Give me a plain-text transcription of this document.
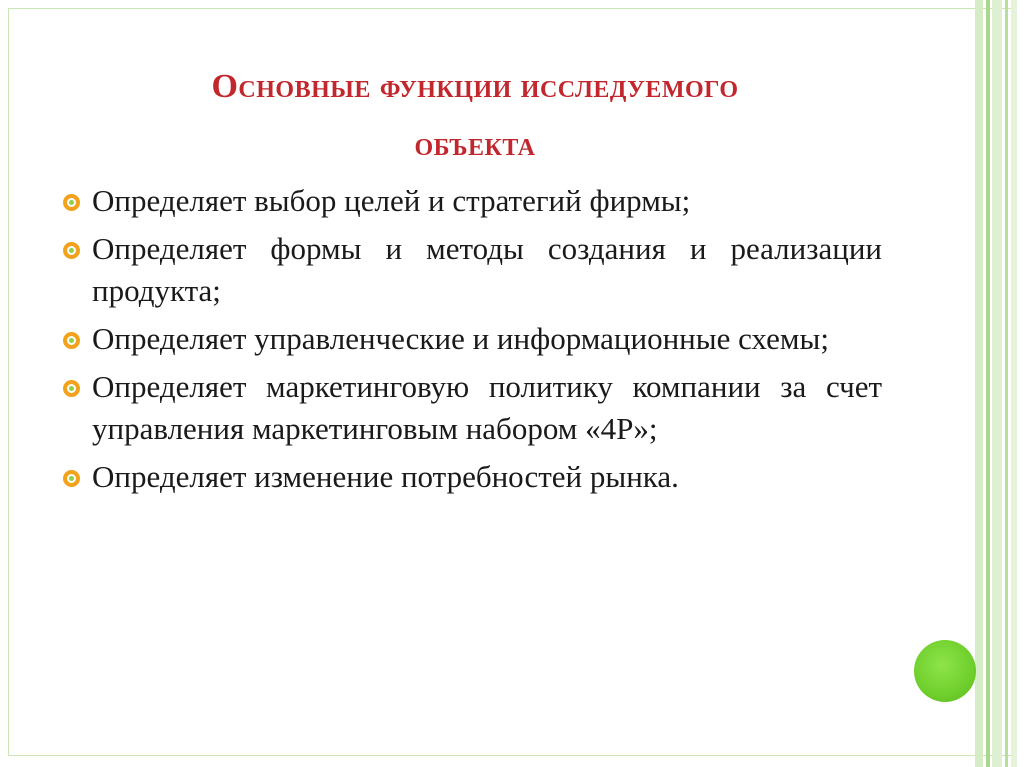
Основные функции исследуемого
объекта
Определяет выбор целей и стратегий фирмы;
Определяет формы и методы создания и реализации продукта;
Определяет управленческие и информационные схемы;
Определяет маркетинговую политику компании за счет управления маркетинговым набором «4P»;
Определяет изменение потребностей рынка.
